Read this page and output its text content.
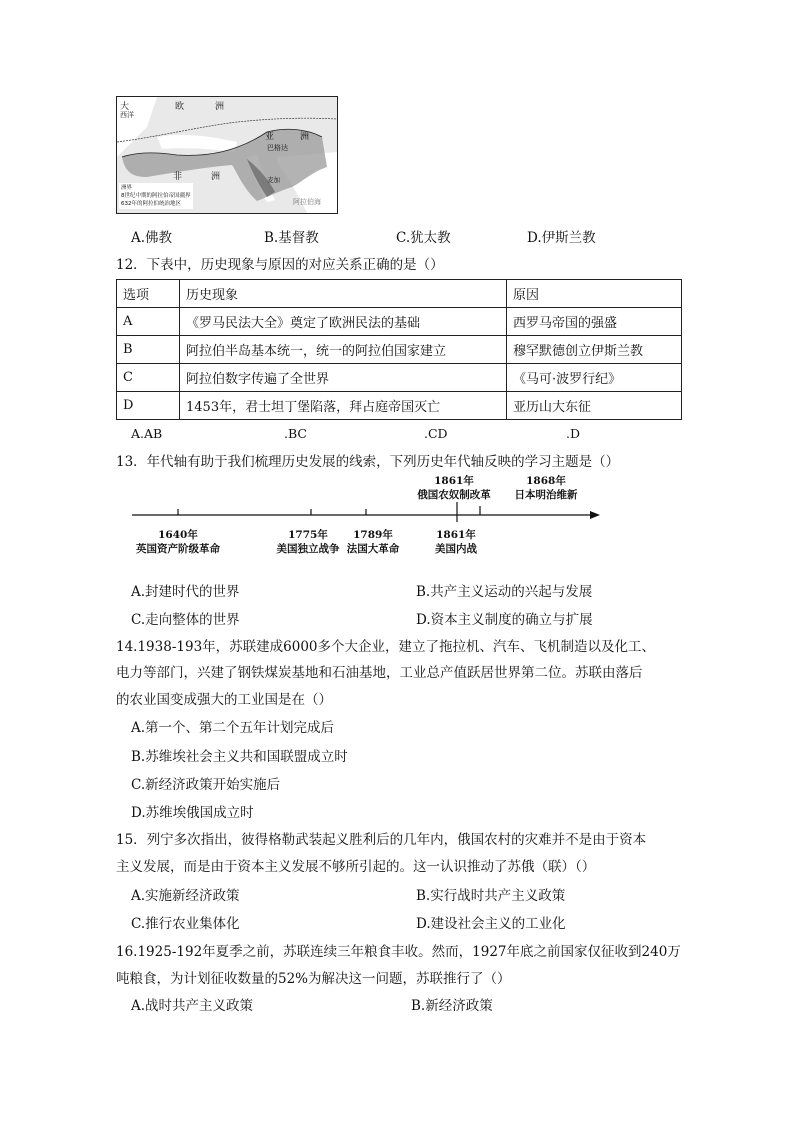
大
西洋
欧	洲
亚	洲
巴格达
非	洲	麦加
洲界
8世纪中期的阿拉伯帝国疆界
632年的阿拉伯统治地区	阿拉伯海
A.佛教	B.基督教	C.犹太教	D.伊斯兰教
12．下表中，历史现象与原因的对应关系正确的是（）
选项	历史现象	原因
A	《罗马民法大全》奠定了欧洲民法的基础	西罗马帝国的强盛
B	阿拉伯半岛基本统一，统一的阿拉伯国家建立	穆罕默德创立伊斯兰教
C	阿拉伯数字传遍了全世界	《马可·波罗行纪》
D	1453年，君士坦丁堡陷落，拜占庭帝国灭亡	亚历山大东征
A.AB	.BC	.CD	.D
13．年代轴有助于我们梳理历史发展的线索，下列历史年代轴反映的学习主题是（）
1640年
英国资产阶级革命
1775年
美国独立战争
1789年
法国大革命
1861年
美国内战
1861年
俄国农奴制改革
1868年
日本明治维新
A.封建时代的世界	B.共产主义运动的兴起与发展
C.走向整体的世界	D.资本主义制度的确立与扩展
14.1938-193年，苏联建成6000多个大企业，建立了拖拉机、汽车、飞机制造以及化工、
电力等部门，兴建了钢铁煤炭基地和石油基地，工业总产值跃居世界第二位。苏联由落后
的农业国变成强大的工业国是在（）
A.第一个、第二个五年计划完成后
B.苏维埃社会主义共和国联盟成立时
C.新经济政策开始实施后
D.苏维埃俄国成立时
15．列宁多次指出，彼得格勒武装起义胜利后的几年内，俄国农村的灾难并不是由于资本
主义发展，而是由于资本主义发展不够所引起的。这一认识推动了苏俄（联）（）
A.实施新经济政策	B.实行战时共产主义政策
C.推行农业集体化	D.建设社会主义的工业化
16.1925-192年夏季之前，苏联连续三年粮食丰收。然而，1927年底之前国家仅征收到240万
吨粮食，为计划征收数量的52%为解决这一问题，苏联推行了（）
A.战时共产主义政策	B.新经济政策
